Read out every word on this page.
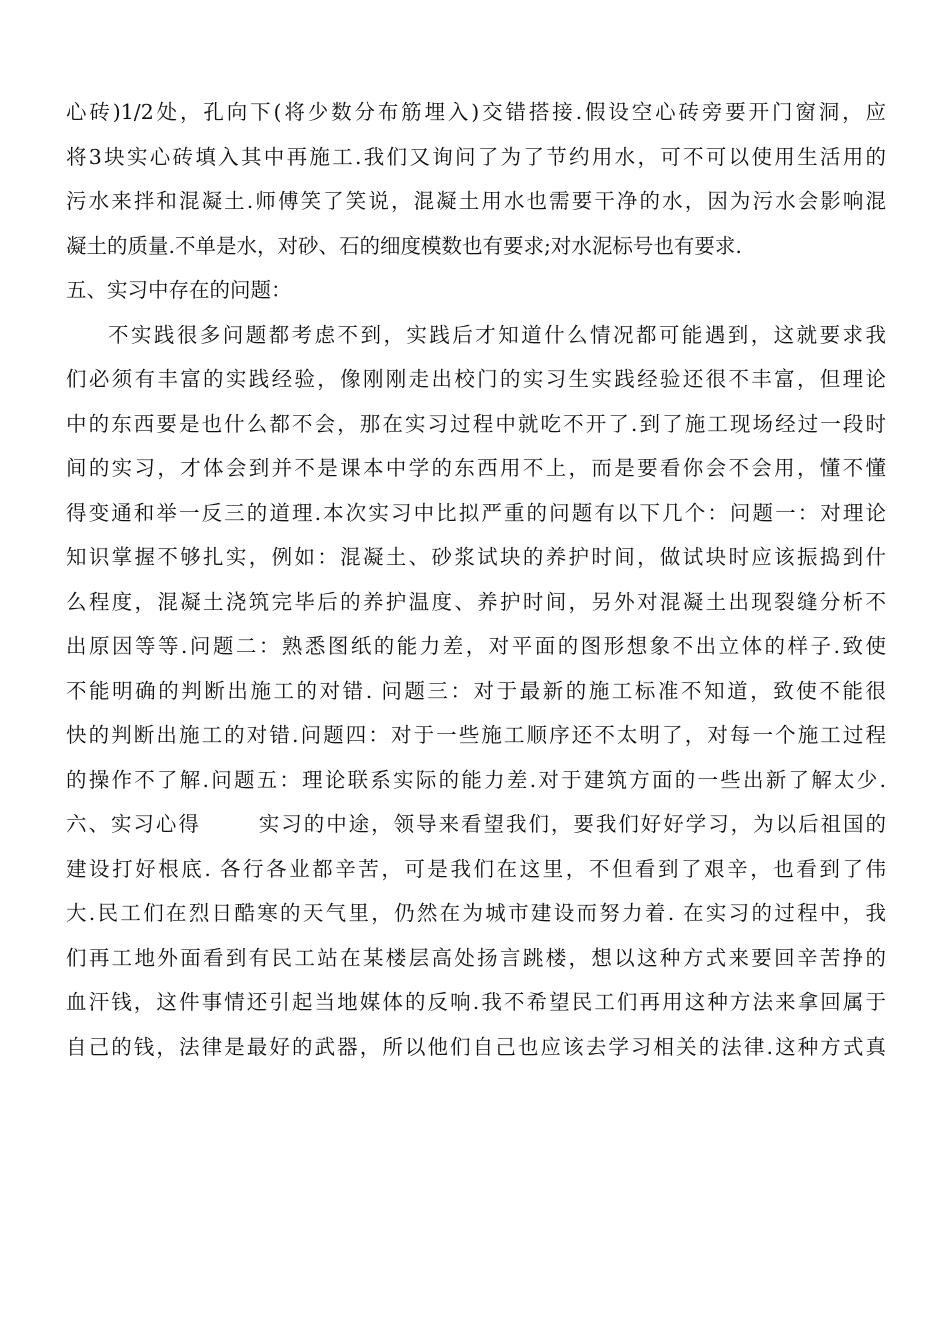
心砖)1/2处，孔向下(将少数分布筋埋入)交错搭接.假设空心砖旁要开门窗洞，应
将3块实心砖填入其中再施工.我们又询问了为了节约用水，可不可以使用生活用的
污水来拌和混凝土.师傅笑了笑说，混凝土用水也需要干净的水，因为污水会影响混
凝土的质量.不单是水，对砂、石的细度模数也有要求;对水泥标号也有要求.
五、实习中存在的问题：
不实践很多问题都考虑不到，实践后才知道什么情况都可能遇到，这就要求我
们必须有丰富的实践经验，像刚刚走出校门的实习生实践经验还很不丰富，但理论
中的东西要是也什么都不会，那在实习过程中就吃不开了.到了施工现场经过一段时
间的实习，才体会到并不是课本中学的东西用不上，而是要看你会不会用，懂不懂
得变通和举一反三的道理.本次实习中比拟严重的问题有以下几个：问题一：对理论
知识掌握不够扎实，例如：混凝土、砂浆试块的养护时间，做试块时应该振捣到什
么程度，混凝土浇筑完毕后的养护温度、养护时间，另外对混凝土出现裂缝分析不
出原因等等.问题二：熟悉图纸的能力差，对平面的图形想象不出立体的样子.致使
不能明确的判断出施工的对错. 问题三：对于最新的施工标准不知道，致使不能很
快的判断出施工的对错.问题四：对于一些施工顺序还不太明了，对每一个施工过程
的操作不了解.问题五：理论联系实际的能力差.对于建筑方面的一些出新了解太少.
六、实习心得	实习的中途，领导来看望我们，要我们好好学习，为以后祖国的
建设打好根底. 各行各业都辛苦，可是我们在这里，不但看到了艰辛，也看到了伟
大.民工们在烈日酷寒的天气里，仍然在为城市建设而努力着. 在实习的过程中，我
们再工地外面看到有民工站在某楼层高处扬言跳楼，想以这种方式来要回辛苦挣的
血汗钱，这件事情还引起当地媒体的反响.我不希望民工们再用这种方法来拿回属于
自己的钱，法律是最好的武器，所以他们自己也应该去学习相关的法律.这种方式真
